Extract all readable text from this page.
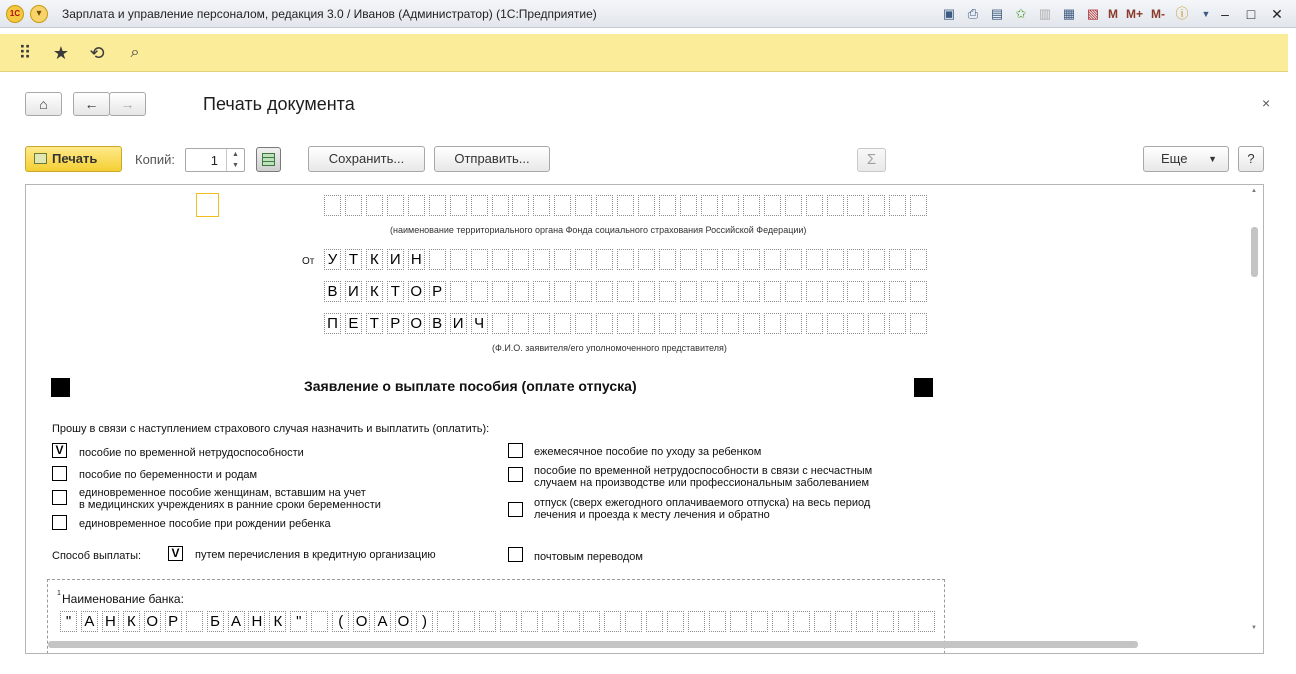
1С	▾	Зарплата и управление персоналом, редакция 3.0 / Иванов (Администратор) (1С:Предприятие)	▣ ⎙ ▤ ✩ ▥ ▦ ▧ M M+ M- ⓘ	▼ –	□	✕
⠿ ★ ⟲	⌕
⌂	←	→	Печать документа	×
Печать	Копий:	1	▲
▼	Сохранить...	Отправить...	Σ	Еще ▼	?
(наименование территориального органа Фонда социального страхования Российской Федерации)
От У Т К И Н
В И К Т О Р
П Е Т Р О В И Ч
(Ф.И.О. заявителя/его уполномоченного представителя)
Заявление о выплате пособия (оплате отпуска)
Прошу в связи с наступлением страхового случая назначить и выплатить (оплатить):
V	пособие по временной нетрудоспособности
пособие по беременности и родам
единовременное пособие женщинам, вставшим на учет
в медицинских учреждениях в ранние сроки беременности
единовременное пособие при рождении ребенка
ежемесячное пособие по уходу за ребенком
пособие по временной нетрудоспособности в связи с несчастным
случаем на производстве или профессиональным заболеванием
отпуск (сверх ежегодного оплачиваемого отпуска) на весь период
лечения и проезда к месту лечения и обратно
Способ выплаты:	V	путем перечисления в кредитную организацию	почтовым переводом
1 Наименование банка:
" А Н К О Р Б А Н К "	( О А О )
▲
▼
